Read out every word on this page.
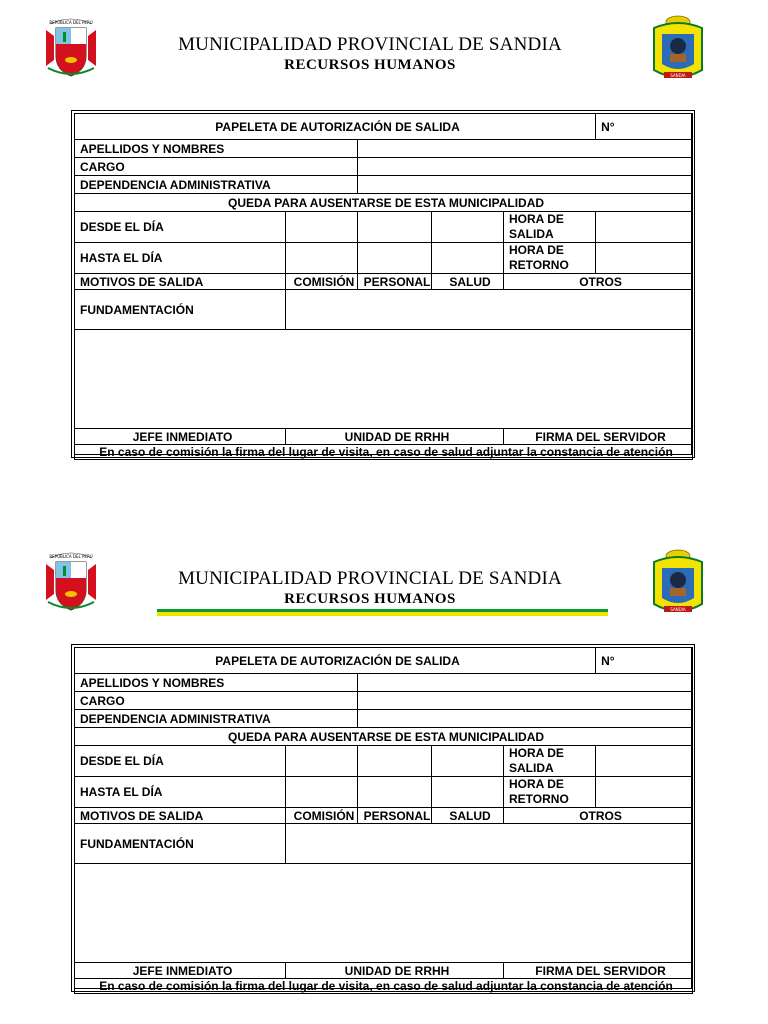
REPÚBLICA DEL PERÚ
MUNICIPALIDAD PROVINCIAL DE SANDIA
RECURSOS HUMANOS
SANDIA
PAPELETA DE AUTORIZACIÓN DE SALIDA					N°
APELLIDOS Y NOMBRES					
CARGO					
DEPENDENCIA ADMINISTRATIVA					
QUEDA PARA AUSENTARSE DE ESTA MUNICIPALIDAD					
DESDE EL DÍA				HORA DE
SALIDA	
HASTA EL DÍA				HORA DE
RETORNO	
MOTIVOS DE SALIDA	COMISIÓN	PERSONAL	SALUD	OTROS	
FUNDAMENTACIÓN					

JEFE INMEDIATO	UNIDAD DE RRHH			FIRMA DEL SERVIDOR	
En caso de comisión la firma del lugar de visita, en caso de salud adjuntar la constancia de atención					
REPÚBLICA DEL PERÚ
MUNICIPALIDAD PROVINCIAL DE SANDIA
RECURSOS HUMANOS
SANDIA
PAPELETA DE AUTORIZACIÓN DE SALIDA					N°
APELLIDOS Y NOMBRES					
CARGO					
DEPENDENCIA ADMINISTRATIVA					
QUEDA PARA AUSENTARSE DE ESTA MUNICIPALIDAD					
DESDE EL DÍA				HORA DE
SALIDA	
HASTA EL DÍA				HORA DE
RETORNO	
MOTIVOS DE SALIDA	COMISIÓN	PERSONAL	SALUD	OTROS	
FUNDAMENTACIÓN					

JEFE INMEDIATO	UNIDAD DE RRHH			FIRMA DEL SERVIDOR	
En caso de comisión la firma del lugar de visita, en caso de salud adjuntar la constancia de atención					
